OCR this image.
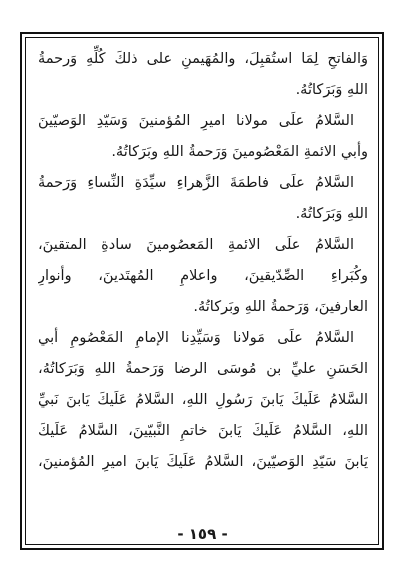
وَالفاتحِ لِمَا استُقبِلَ، والمُهَيمنِ على ذلكَ كُلِّهِ وَرحمةُ
اللهِ وَبَرَكاتُهُ.
السَّلامُ علَى مولانا اميرِ المُؤمنينَ وَسَيّدِ الوَصيّينَ
وأبي الائمةِ المَعْصُومينَ وَرَحمةُ اللهِ وبَرَكاتُهُ.
السَّلامُ علَى فاطمَةَ الزَّهراءِ سيِّدَةِ النِّساءِ وَرَحمةُ
اللهِ وَبَرَكاتُهُ.
السَّلامُ علَى الائمةِ المَعصُومينَ سادةِ المتقينَ،
وكُبَراءِ الصِّدّيقينَ، واعلامِ المُهتَدينَ، وأنوارِ
العارفينَ، وَرَحمةُ اللهِ وبَركاتُهُ.
السَّلامُ علَى مَولانا وَسَيِّدِنا الإمامِ المَعْصُومِ أبي
الحَسَنِ عليِّ بن مُوسَى الرضا وَرَحمةُ اللهِ وَبَرَكاتُهُ،
السَّلامُ عَلَيكَ يَابنَ رَسُولِ اللهِ، السَّلامُ عَلَيكَ يَابنَ نَبيِّ
اللهِ، السَّلامُ عَلَيكَ يَابنَ خاتمِ النَّبيّينَ، السَّلامُ عَلَيكَ
يَابنَ سَيّدِ الوَصيّينَ، السَّلامُ عَلَيكَ يَابنَ اميرِ المُؤمنينَ،
- ١٥٩ -
